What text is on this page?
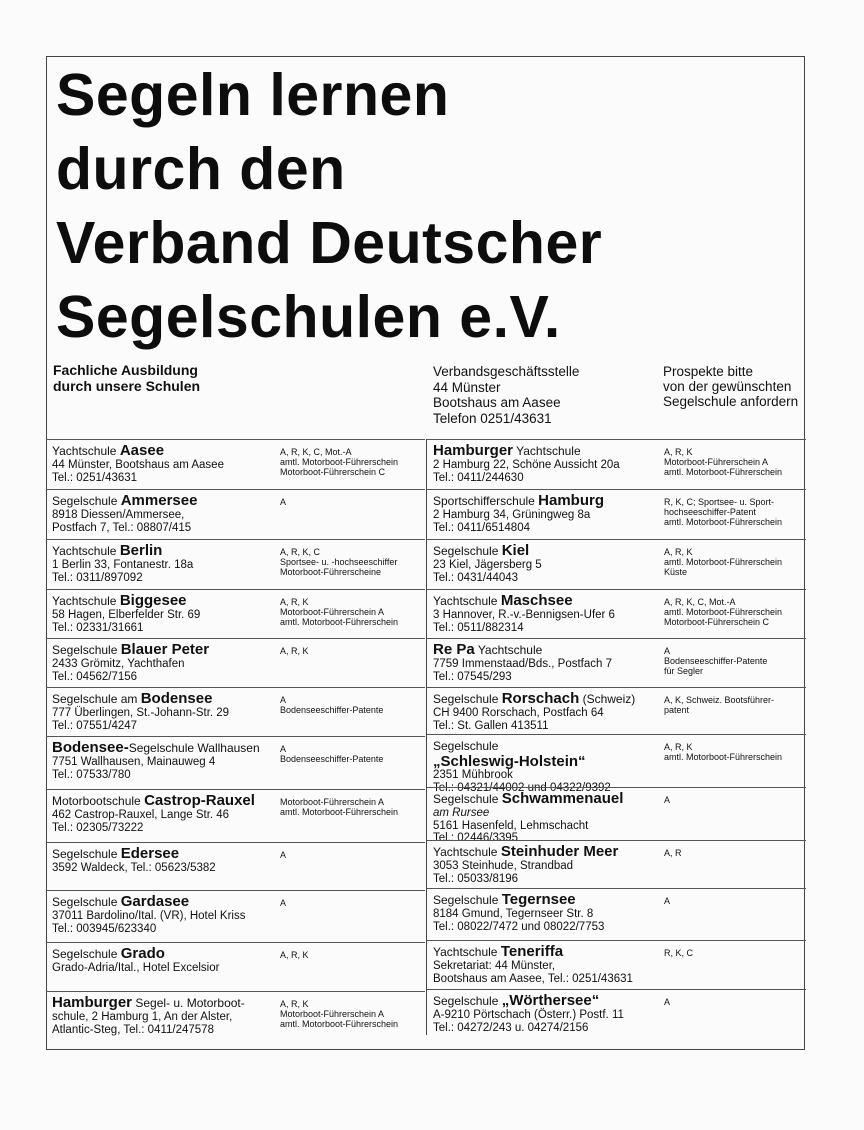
Segeln lernen
durch den
Verband Deutscher
Segelschulen e.V.
Fachliche Ausbildung
durch unsere Schulen
Verbandsgeschäftsstelle
44 Münster
Bootshaus am Aasee
Telefon 0251/43631
Prospekte bitte
von der gewünschten
Segelschule anfordern
Yachtschule Aasee
44 Münster, Bootshaus am Aasee
Tel.: 0251/43631
A, R, K, C, Mot.-A
amtl. Motorboot-Führerschein
Motorboot-Führerschein C
Segelschule Ammersee
8918 Diessen/Ammersee,
Postfach 7, Tel.: 08807/415
A
Yachtschule Berlin
1 Berlin 33, Fontanestr. 18a
Tel.: 0311/897092
A, R, K, C
Sportsee- u. -hochseeschiffer
Motorboot-Führerscheine
Yachtschule Biggesee
58 Hagen, Elberfelder Str. 69
Tel.: 02331/31661
A, R, K
Motorboot-Führerschein A
amtl. Motorboot-Führerschein
Segelschule Blauer Peter
2433 Grömitz, Yachthafen
Tel.: 04562/7156
A, R, K
Segelschule am Bodensee
777 Überlingen, St.-Johann-Str. 29
Tel.: 07551/4247
A
Bodenseeschiffer-Patente
Bodensee-Segelschule Wallhausen
7751 Wallhausen, Mainauweg 4
Tel.: 07533/780
A
Bodenseeschiffer-Patente
Motorbootschule Castrop-Rauxel
462 Castrop-Rauxel, Lange Str. 46
Tel.: 02305/73222
Motorboot-Führerschein A
amtl. Motorboot-Führerschein
Segelschule Edersee
3592 Waldeck, Tel.: 05623/5382
A
Segelschule Gardasee
37011 Bardolino/Ital. (VR), Hotel Kriss
Tel.: 003945/623340
A
Segelschule Grado
Grado-Adria/Ital., Hotel Excelsior
A, R, K
Hamburger Segel- u. Motorboot-
schule, 2 Hamburg 1, An der Alster,
Atlantic-Steg, Tel.: 0411/247578
A, R, K
Motorboot-Führerschein A
amtl. Motorboot-Führerschein
Hamburger Yachtschule
2 Hamburg 22, Schöne Aussicht 20a
Tel.: 0411/244630
A, R, K
Motorboot-Führerschein A
amtl. Motorboot-Führerschein
Sportschifferschule Hamburg
2 Hamburg 34, Grüningweg 8a
Tel.: 0411/6514804
R, K, C; Sportsee- u. Sport-
hochseeschiffer-Patent
amtl. Motorboot-Führerschein
Segelschule Kiel
23 Kiel, Jägersberg 5
Tel.: 0431/44043
A, R, K
amtl. Motorboot-Führerschein
Küste
Yachtschule Maschsee
3 Hannover, R.-v.-Bennigsen-Ufer 6
Tel.: 0511/882314
A, R, K, C, Mot.-A
amtl. Motorboot-Führerschein
Motorboot-Führerschein C
Re Pa Yachtschule
7759 Immenstaad/Bds., Postfach 7
Tel.: 07545/293
A
Bodenseeschiffer-Patente
für Segler
Segelschule Rorschach (Schweiz)
CH 9400 Rorschach, Postfach 64
Tel.: St. Gallen 413511
A, K, Schweiz. Bootsführer-
patent
Segelschule
„Schleswig-Holstein“
2351 Mühbrook
Tel.: 04321/44002 und 04322/9392
A, R, K
amtl. Motorboot-Führerschein
Segelschule Schwammenauel
am Rursee
5161 Hasenfeld, Lehmschacht
Tel.: 02446/3395
A
Yachtschule Steinhuder Meer
3053 Steinhude, Strandbad
Tel.: 05033/8196
A, R
Segelschule Tegernsee
8184 Gmund, Tegernseer Str. 8
Tel.: 08022/7472 und 08022/7753
A
Yachtschule Teneriffa
Sekretariat: 44 Münster,
Bootshaus am Aasee, Tel.: 0251/43631
R, K, C
Segelschule „Wörthersee“
A-9210 Pörtschach (Österr.) Postf. 11
Tel.: 04272/243 u. 04274/2156
A
